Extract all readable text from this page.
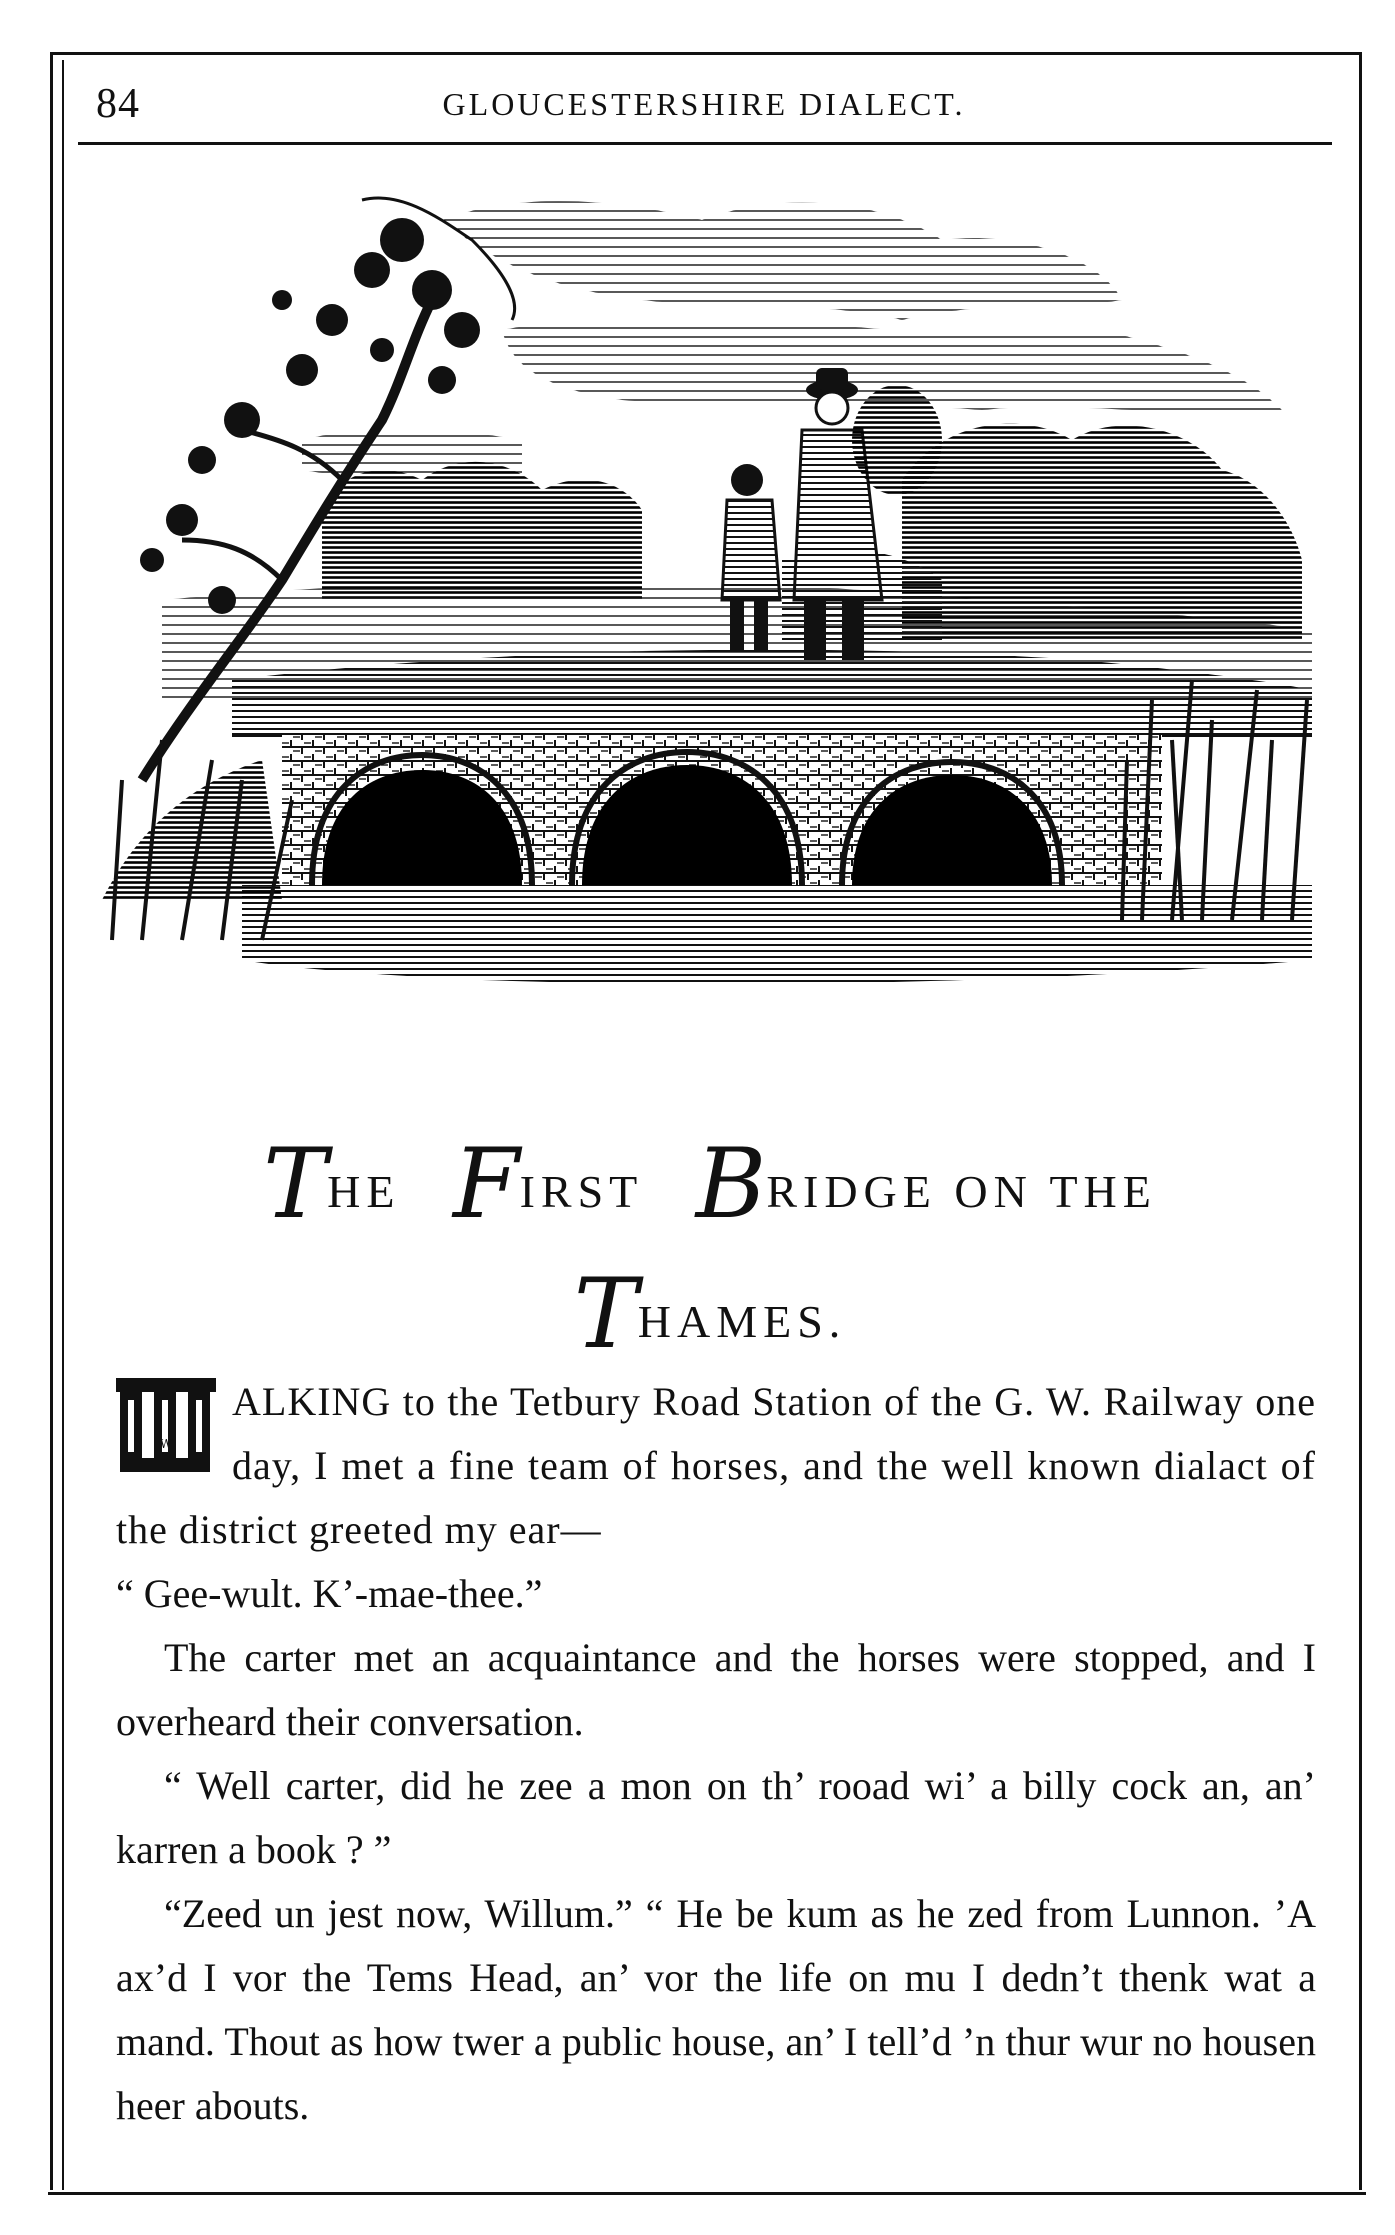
84	GLOUCESTERSHIRE DIALECT.
THE FIRST BRIDGE ON THE
THAMES.

W
ALKING to the Tetbury Road Station of the G. W. Railway one day, I met a fine team of horses, and the well known dialact of the district greeted my ear—

“ Gee-wult. K’-mae-thee.”

The carter met an acquaintance and the horses were stopped, and I overheard their conversation.

“ Well carter, did he zee a mon on th’ rooad wi’ a billy cock an, an’ karren a book ? ”

“Zeed un jest now, Willum.” “ He be kum as he zed from Lunnon. ’A ax’d I vor the Tems Head, an’ vor the life on mu I dedn’t thenk wat a mand. Thout as how twer a public house, an’ I tell’d ’n thur wur no housen heer abouts.
